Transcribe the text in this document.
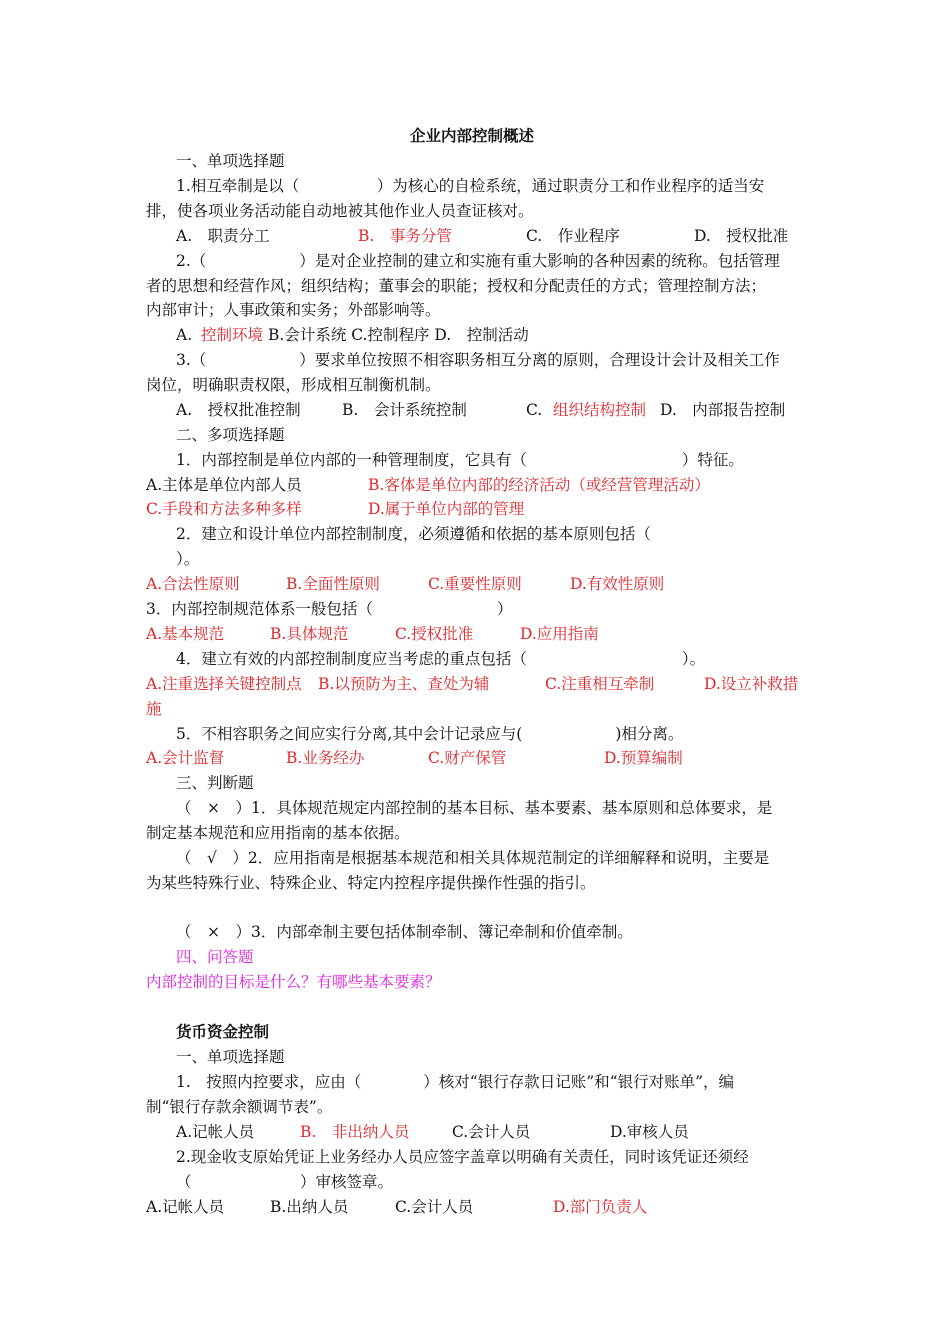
企业内部控制概述
一、单项选择题
1.相互牵制是以（　　　　　）为核心的自检系统，通过职责分工和作业程序的适当安
排，使各项业务活动能自动地被其他作业人员查证核对。
A.　职责分工	B.　事务分管	C.　作业程序	D.　授权批准
2.（　　　　　　）是对企业控制的建立和实施有重大影响的各种因素的统称。包括管理
者的思想和经营作风；组织结构；董事会的职能；授权和分配责任的方式；管理控制方法；
内部审计；人事政策和实务；外部影响等。
A.　
控制环境 B.会计系统 C.控制程序 D.　控制活动
3.（　　　　　　）要求单位按照不相容职务相互分离的原则，合理设计会计及相关工作
岗位，明确职责权限，形成相互制衡机制。
A.　授权批准控制	B.　会计系统控制	C.　
组织结构控制 D.　内部报告控制
二、多项选择题
1．内部控制是单位内部的一种管理制度，它具有（　　　　　　　　　　）特征。
A.主体是单位内部人员	B.客体是单位内部的经济活动（或经营管理活动）
C.手段和方法多种多样	D.属于单位内部的管理
2．建立和设计单位内部控制制度，必须遵循和依据的基本原则包括（
）。
A.合法性原则	B.全面性原则	C.重要性原则	D.有效性原则
3．内部控制规范体系一般包括（　　　　　　　　）
A.基本规范	B.具体规范	C.授权批准	D.应用指南
4．建立有效的内部控制制度应当考虑的重点包括（　　　　　　　　　　）。
A.注重选择关键控制点 B.以预防为主、查处为辅	C.注重相互牵制	D.设立补救措
施
5．不相容职务之间应实行分离,其中会计记录应与(　　　　　　)相分离。
A.会计监督	B.业务经办	C.财产保管	D.预算编制
三、判断题
（　×　）1．具体规范规定内部控制的基本目标、基本要素、基本原则和总体要求，是
制定基本规范和应用指南的基本依据。
（　√　）2．应用指南是根据基本规范和相关具体规范制定的详细解释和说明，主要是
为某些特殊行业、特殊企业、特定内控程序提供操作性强的指引。
（　×　）3．内部牵制主要包括体制牵制、簿记牵制和价值牵制。
四、问答题
内部控制的目标是什么？有哪些基本要素？
货币资金控制
一、单项选择题
1.　按照内控要求，应由（　　　　）核对“银行存款日记账”和“银行对账单”，编
制“银行存款余额调节表”。
A.记帐人员	B.　非出纳人员	C.会计人员	D.审核人员
2.现金收支原始凭证上业务经办人员应签字盖章以明确有关责任，同时该凭证还须经
（　　　　　　　）审核签章。
A.记帐人员	B.出纳人员	C.会计人员	D.部门负责人
